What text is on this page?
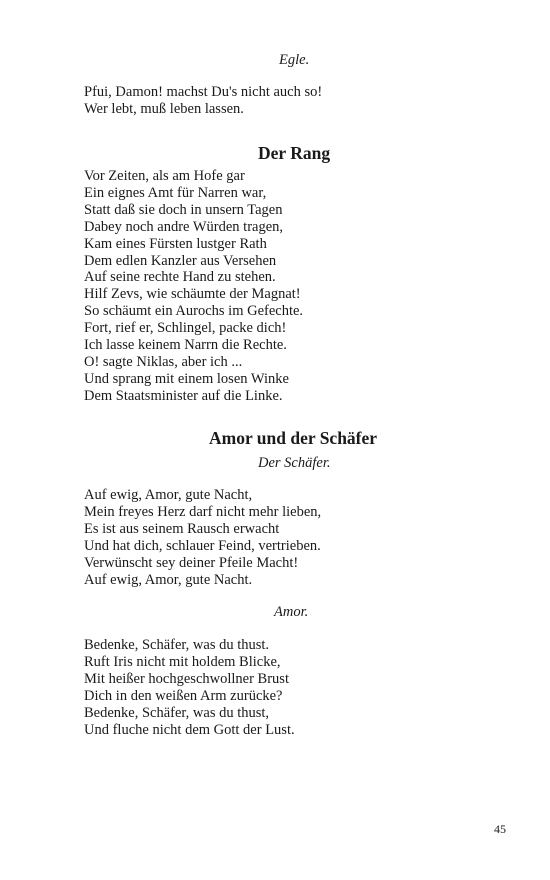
Egle.
Pfui, Damon! machst Du's nicht auch so!
Wer lebt, muß leben lassen.
Der Rang
Vor Zeiten, als am Hofe gar
Ein eignes Amt für Narren war,
Statt daß sie doch in unsern Tagen
Dabey noch andre Würden tragen,
Kam eines Fürsten lustger Rath
Dem edlen Kanzler aus Versehen
Auf seine rechte Hand zu stehen.
Hilf Zevs, wie schäumte der Magnat!
So schäumt ein Aurochs im Gefechte.
Fort, rief er, Schlingel, packe dich!
Ich lasse keinem Narrn die Rechte.
O! sagte Niklas, aber ich ...
Und sprang mit einem losen Winke
Dem Staatsminister auf die Linke.
Amor und der Schäfer
Der Schäfer.
Auf ewig, Amor, gute Nacht,
Mein freyes Herz darf nicht mehr lieben,
Es ist aus seinem Rausch erwacht
Und hat dich, schlauer Feind, vertrieben.
Verwünscht sey deiner Pfeile Macht!
Auf ewig, Amor, gute Nacht.
Amor.
Bedenke, Schäfer, was du thust.
Ruft Iris nicht mit holdem Blicke,
Mit heißer hochgeschwollner Brust
Dich in den weißen Arm zurücke?
Bedenke, Schäfer, was du thust,
Und fluche nicht dem Gott der Lust.
45
